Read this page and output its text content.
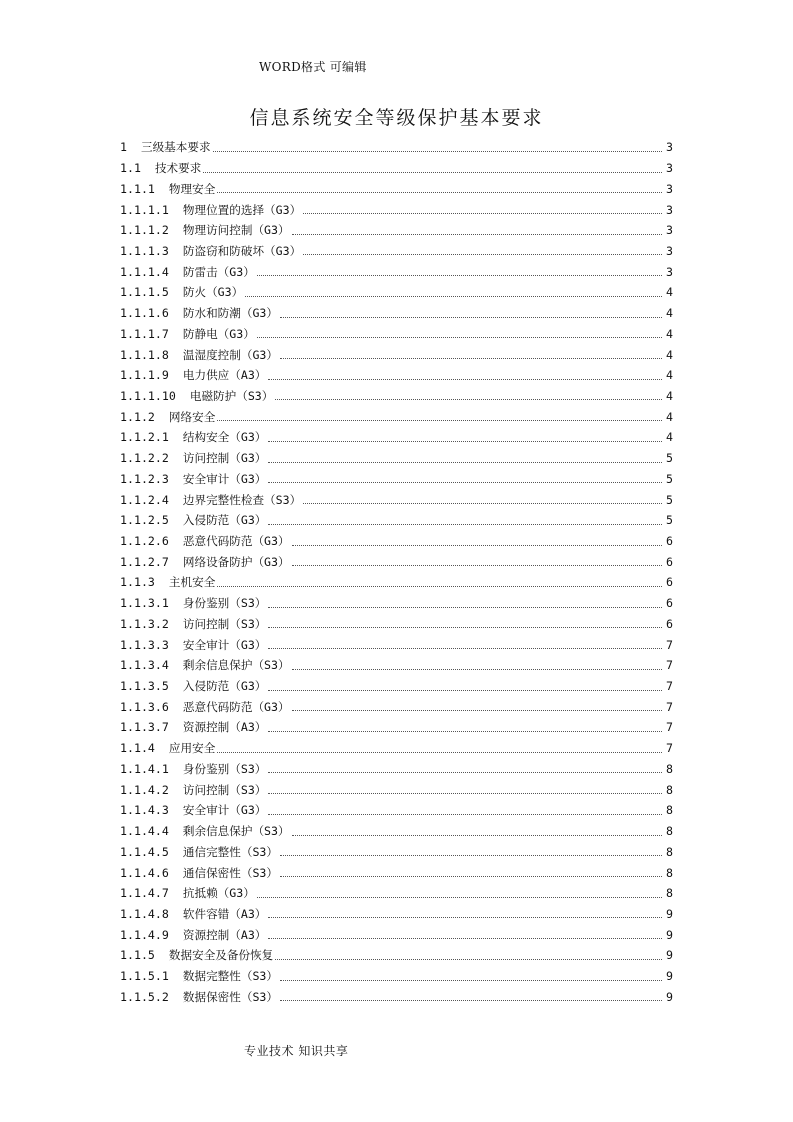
WORD格式 可编辑
信息系统安全等级保护基本要求
1 三级基本要求	3
1.1 技术要求	3
1.1.1 物理安全	3
1.1.1.1 物理位置的选择（G3）	3
1.1.1.2 物理访问控制（G3）	3
1.1.1.3 防盗窃和防破坏（G3）	3
1.1.1.4 防雷击（G3）	3
1.1.1.5 防火（G3）	4
1.1.1.6 防水和防潮（G3）	4
1.1.1.7 防静电（G3）	4
1.1.1.8 温湿度控制（G3）	4
1.1.1.9 电力供应（A3）	4
1.1.1.10 电磁防护（S3）	4
1.1.2 网络安全	4
1.1.2.1 结构安全（G3）	4
1.1.2.2 访问控制（G3）	5
1.1.2.3 安全审计（G3）	5
1.1.2.4 边界完整性检查（S3）	5
1.1.2.5 入侵防范（G3）	5
1.1.2.6 恶意代码防范（G3）	6
1.1.2.7 网络设备防护（G3）	6
1.1.3 主机安全	6
1.1.3.1 身份鉴别（S3）	6
1.1.3.2 访问控制（S3）	6
1.1.3.3 安全审计（G3）	7
1.1.3.4 剩余信息保护（S3）	7
1.1.3.5 入侵防范（G3）	7
1.1.3.6 恶意代码防范（G3）	7
1.1.3.7 资源控制（A3）	7
1.1.4 应用安全	7
1.1.4.1 身份鉴别（S3）	8
1.1.4.2 访问控制（S3）	8
1.1.4.3 安全审计（G3）	8
1.1.4.4 剩余信息保护（S3）	8
1.1.4.5 通信完整性（S3）	8
1.1.4.6 通信保密性（S3）	8
1.1.4.7 抗抵赖（G3）	8
1.1.4.8 软件容错（A3）	9
1.1.4.9 资源控制（A3）	9
1.1.5 数据安全及备份恢复	9
1.1.5.1 数据完整性（S3）	9
1.1.5.2 数据保密性（S3）	9
专业技术 知识共享
